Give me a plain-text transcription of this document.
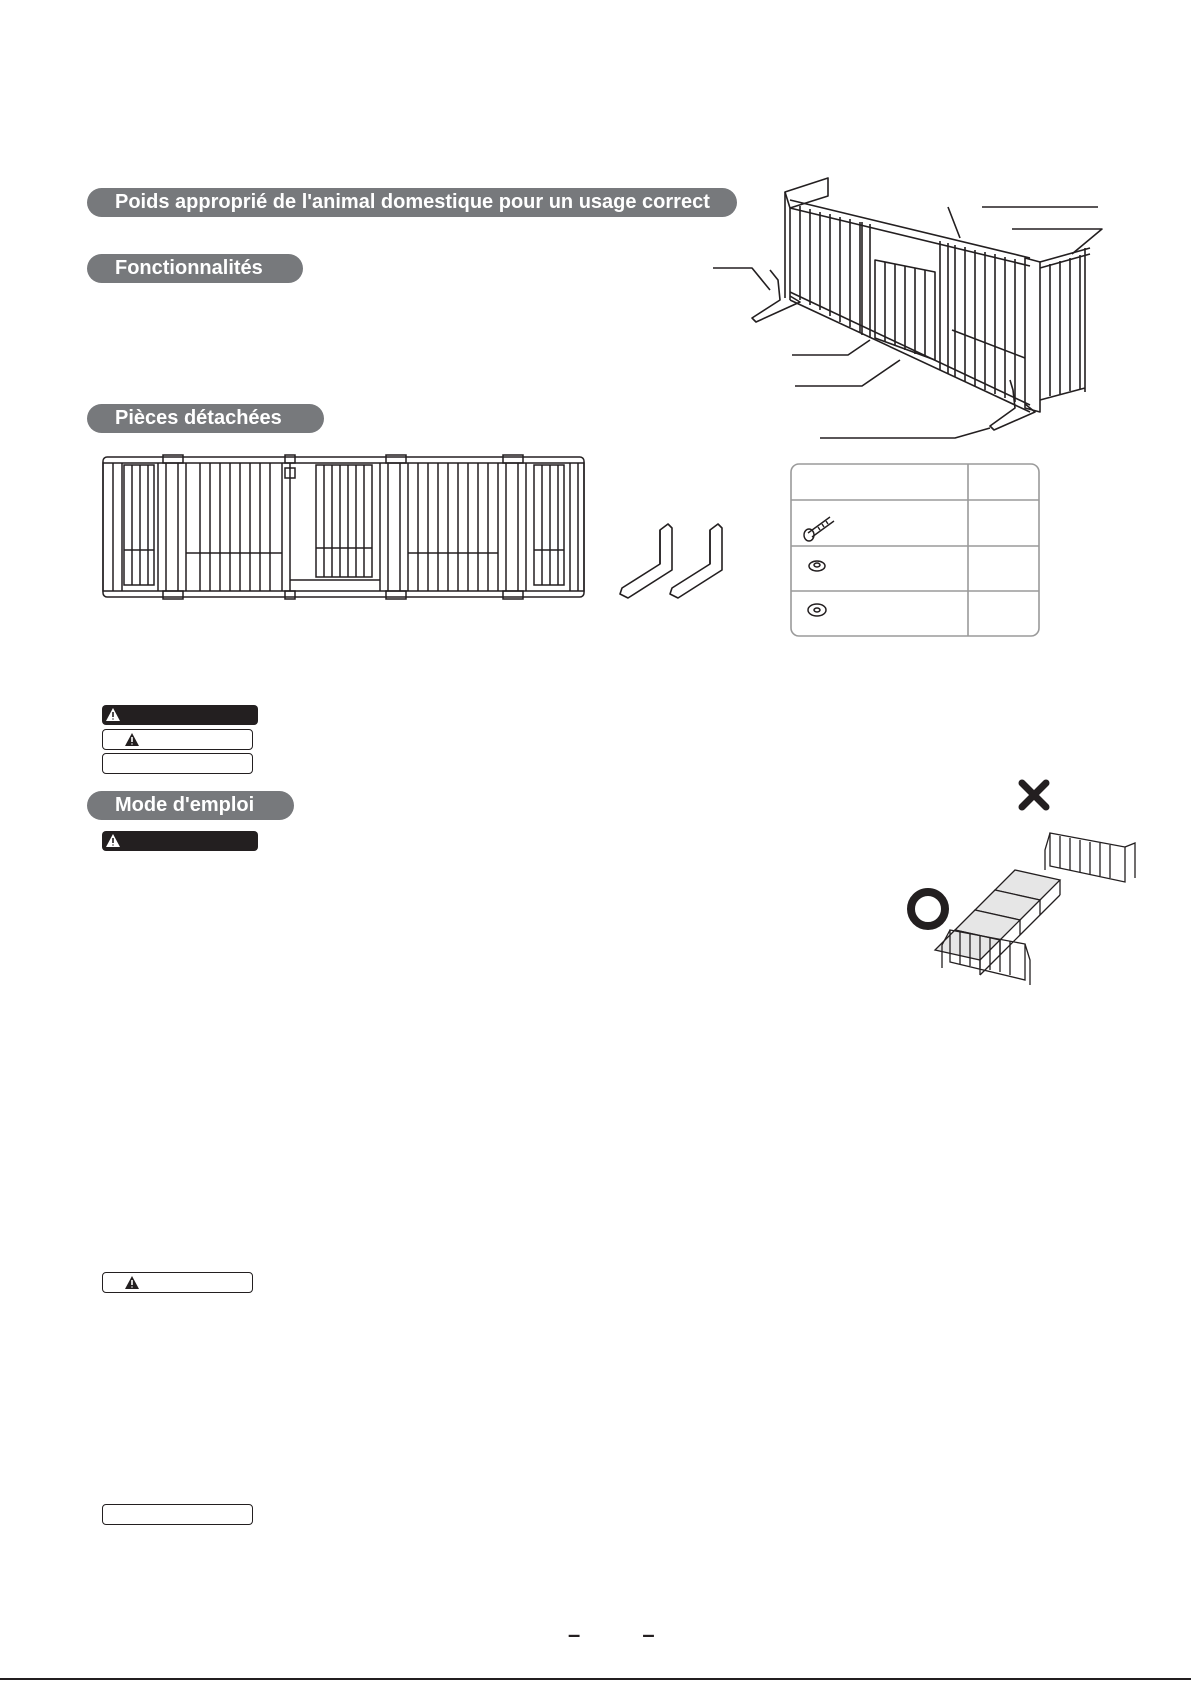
Poids approprié de l'animal domestique pour un usage correct
Fonctionnalités
Pièces détachées
Mode d'emploi
– –
